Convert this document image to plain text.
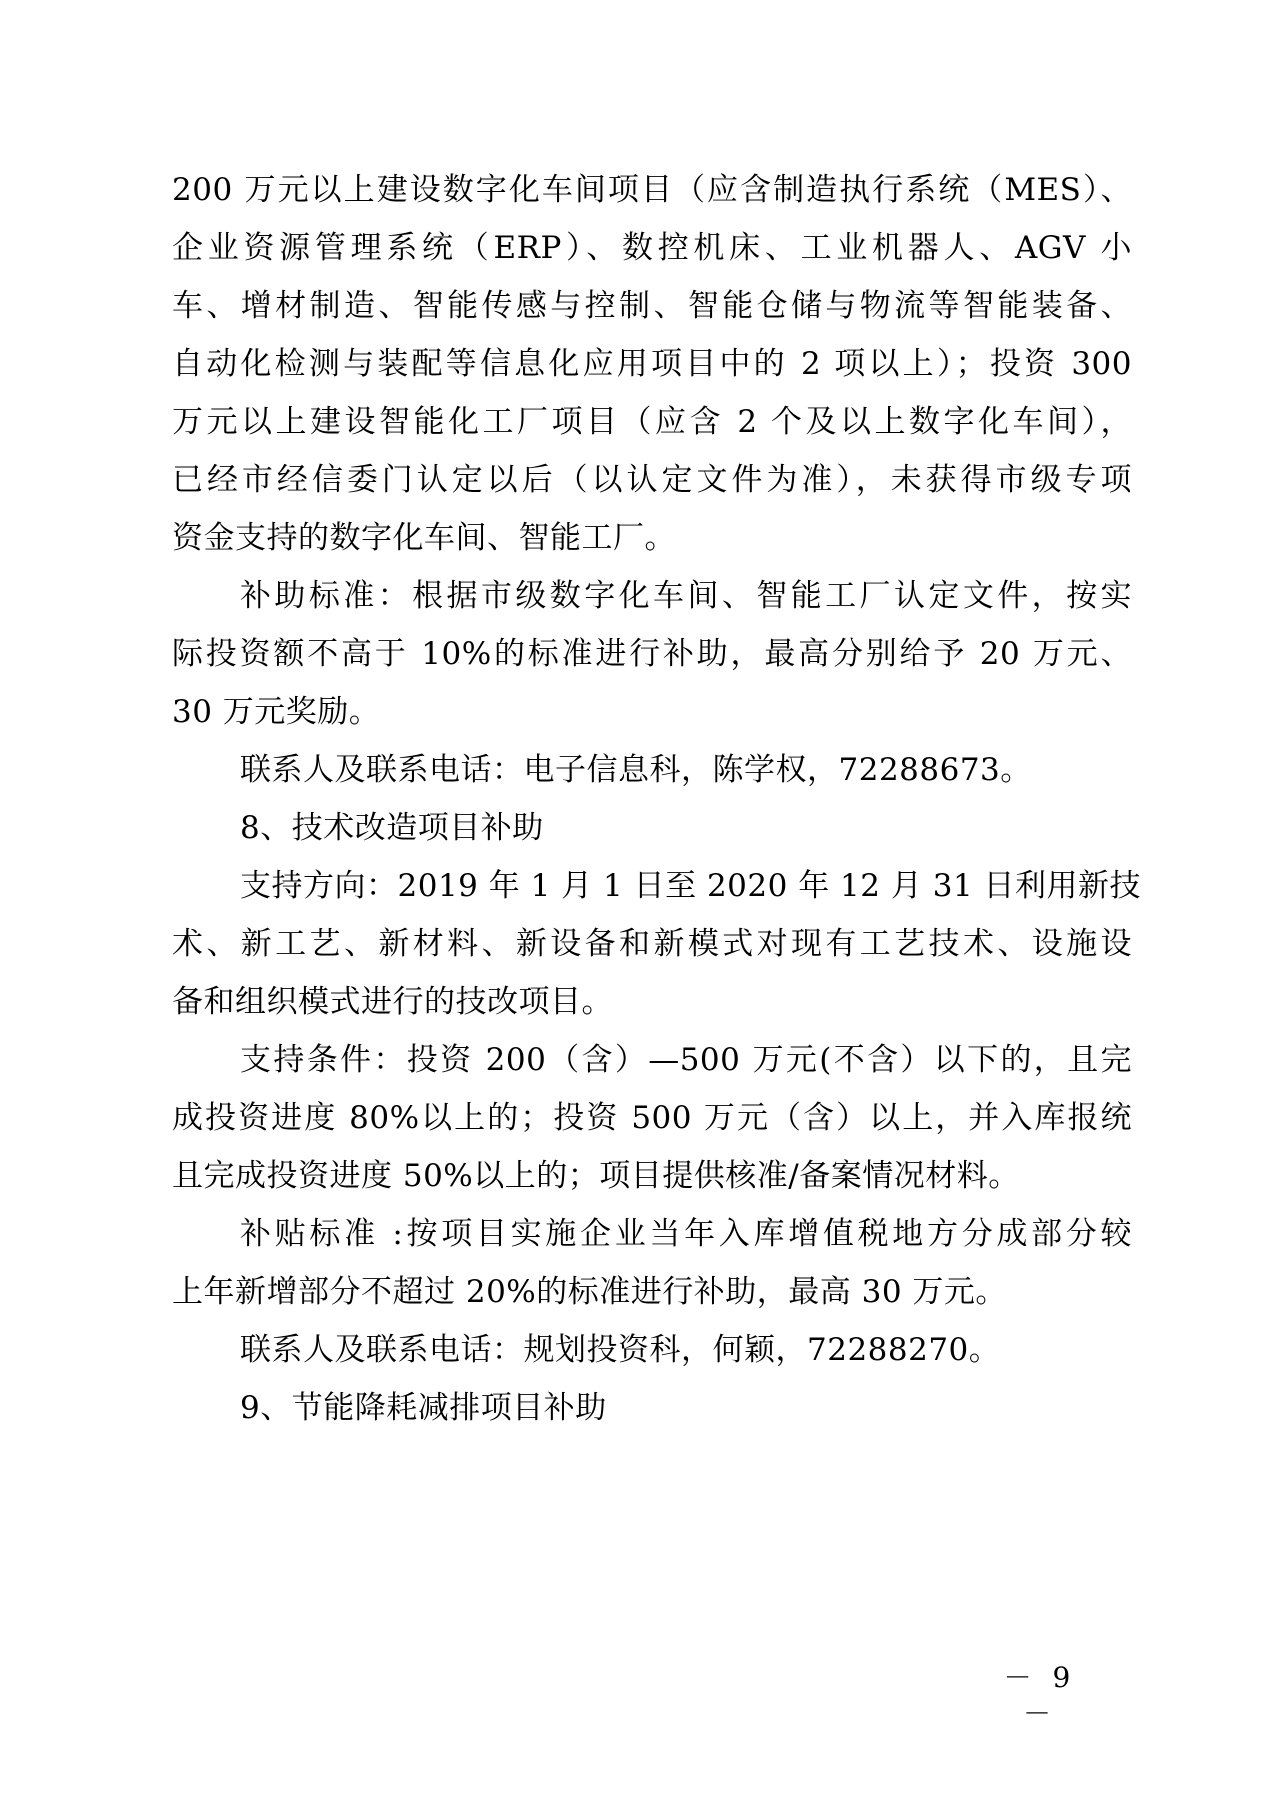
200 万元以上建设数字化车间项目（应含制造执行系统（MES）、
企业资源管理系统（ERP）、数控机床、工业机器人、AGV 小
车、增材制造、智能传感与控制、智能仓储与物流等智能装备、
自动化检测与装配等信息化应用项目中的 2 项以上）；投资 300
万元以上建设智能化工厂项目（应含 2 个及以上数字化车间），
已经市经信委门认定以后（以认定文件为准），未获得市级专项
资金支持的数字化车间、智能工厂。
补助标准：根据市级数字化车间、智能工厂认定文件，按实
际投资额不高于 10%的标准进行补助，最高分别给予 20 万元、
30 万元奖励。
联系人及联系电话：电子信息科，陈学权，72288673。
8、技术改造项目补助
支持方向：2019 年 1 月 1 日至 2020 年 12 月 31 日利用新技
术、新工艺、新材料、新设备和新模式对现有工艺技术、设施设
备和组织模式进行的技改项目。
支持条件：投资 200（含）—500 万元(不含）以下的，且完
成投资进度 80%以上的；投资 500 万元（含）以上，并入库报统
且完成投资进度 50%以上的；项目提供核准/备案情况材料。
补贴标准 :按项目实施企业当年入库增值税地方分成部分较
上年新增部分不超过 20%的标准进行补助，最高 30 万元。
联系人及联系电话：规划投资科，何颖，72288270。
9、节能降耗减排项目补助
－ 9 －
